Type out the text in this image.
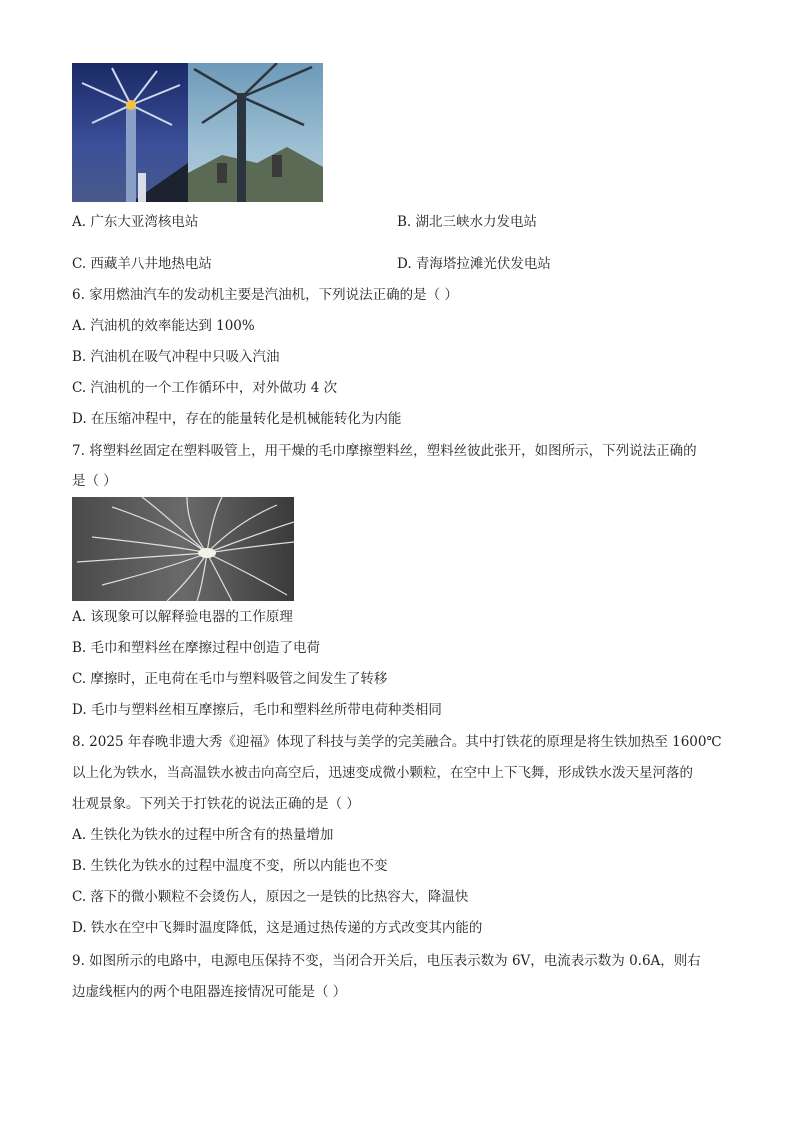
A. 广东大亚湾核电站	B. 湖北三峡水力发电站
C. 西藏羊八井地热电站	D. 青海塔拉滩光伏发电站
6. 家用燃油汽车的发动机主要是汽油机，下列说法正确的是（ ）
A. 汽油机的效率能达到 100%
B. 汽油机在吸气冲程中只吸入汽油
C. 汽油机的一个工作循环中，对外做功 4 次
D. 在压缩冲程中，存在的能量转化是机械能转化为内能
7. 将塑料丝固定在塑料吸管上，用干燥的毛巾摩擦塑料丝，塑料丝彼此张开，如图所示，下列说法正确的
是（ ）
A. 该现象可以解释验电器的工作原理
B. 毛巾和塑料丝在摩擦过程中创造了电荷
C. 摩擦时，正电荷在毛巾与塑料吸管之间发生了转移
D. 毛巾与塑料丝相互摩擦后，毛巾和塑料丝所带电荷种类相同
8. 2025 年春晚非遗大秀《迎福》体现了科技与美学的完美融合。其中打铁花的原理是将生铁加热至 1600℃
以上化为铁水，当高温铁水被击向高空后，迅速变成微小颗粒，在空中上下飞舞，形成铁水泼天星河落的
壮观景象。下列关于打铁花的说法正确的是（ ）
A. 生铁化为铁水的过程中所含有的热量增加
B. 生铁化为铁水的过程中温度不变，所以内能也不变
C. 落下的微小颗粒不会烫伤人，原因之一是铁的比热容大，降温快
D. 铁水在空中飞舞时温度降低，这是通过热传递的方式改变其内能的
9. 如图所示的电路中，电源电压保持不变，当闭合开关后，电压表示数为 6V，电流表示数为 0.6A，则右
边虚线框内的两个电阻器连接情况可能是（ ）
